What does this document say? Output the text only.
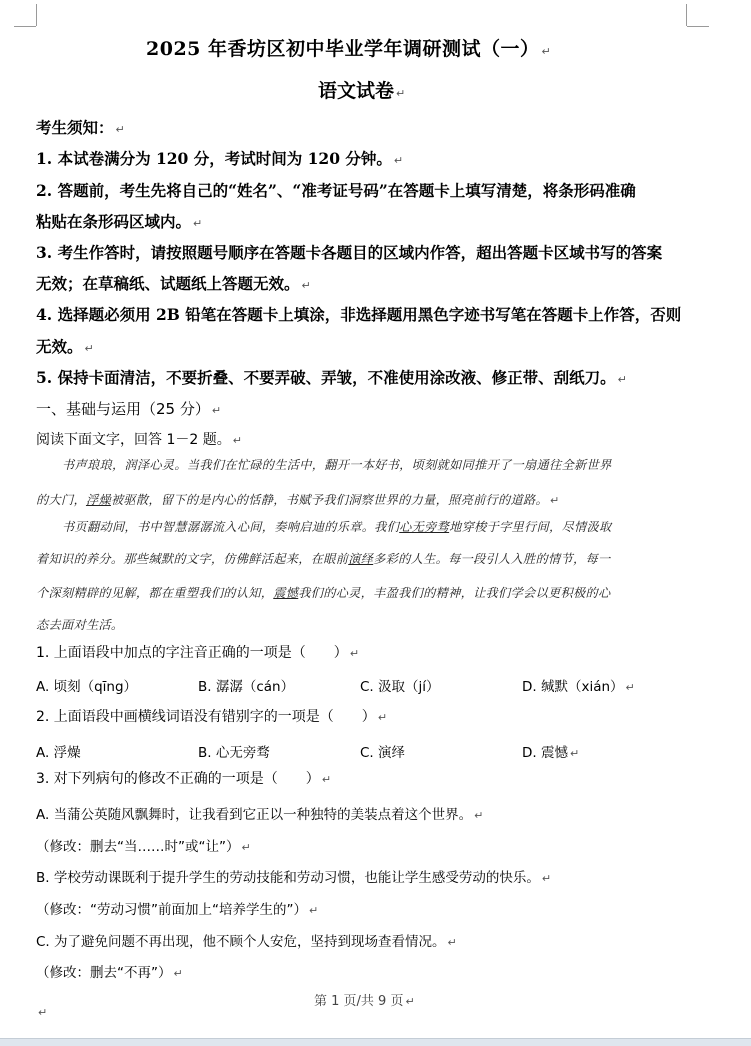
2025 年香坊区初中毕业学年调研测试（一） ↵
语文试卷 ↵
考生须知： ↵
1. 本试卷满分为 120 分，考试时间为 120 分钟。 ↵
2. 答题前，考生先将自己的“姓名”、“准考证号码”在答题卡上填写清楚，将条形码准确
粘贴在条形码区域内。 ↵
3. 考生作答时，请按照题号顺序在答题卡各题目的区域内作答，超出答题卡区域书写的答案
无效；在草稿纸、试题纸上答题无效。 ↵
4. 选择题必须用 2B 铅笔在答题卡上填涂，非选择题用黑色字迹书写笔在答题卡上作答，否则
无效。 ↵
5. 保持卡面清洁，不要折叠、不要弄破、弄皱，不准使用涂改液、修正带、刮纸刀。 ↵
一、基础与运用（25 分） ↵
阅读下面文字，回答 1－2 题。 ↵
书声琅琅，润泽心灵。当我们在忙碌的生活中，翻开一本好书，顷刻就如同推开了一扇通往全新世界
的大门，浮燥被驱散，留下的是内心的恬静，书赋予我们洞察世界的力量，照亮前行的道路。 ↵
书页翻动间，书中智慧潺潺流入心间，奏响启迪的乐章。我们心无旁骛地穿梭于字里行间，尽情汲取
着知识的养分。那些缄默的文字，仿佛鲜活起来，在眼前演绎多彩的人生。每一段引人入胜的情节，每一
个深刻精辟的见解，都在重塑我们的认知，震憾我们的心灵，丰盈我们的精神，让我们学会以更积极的心
态去面对生活。
1. 上面语段中加点的字注音正确的一项是（　　） ↵
A. 顷刻（qīng）	B. 潺潺（cán）	C. 汲取（jí）	D. 缄默（xián） ↵
2. 上面语段中画横线词语没有错别字的一项是（　　） ↵
A. 浮燥	B. 心无旁骛	C. 演绎	D. 震憾 ↵
3. 对下列病句的修改不正确的一项是（　　） ↵
A. 当蒲公英随风飘舞时，让我看到它正以一种独特的美装点着这个世界。 ↵
（修改：删去“当……时”或“让”） ↵
B. 学校劳动课既利于提升学生的劳动技能和劳动习惯，也能让学生感受劳动的快乐。 ↵
（修改：“劳动习惯”前面加上“培养学生的”） ↵
C. 为了避免问题不再出现，他不顾个人安危，坚持到现场查看情况。 ↵
（修改：删去“不再”） ↵
第 1 页/共 9 页 ↵
↵
